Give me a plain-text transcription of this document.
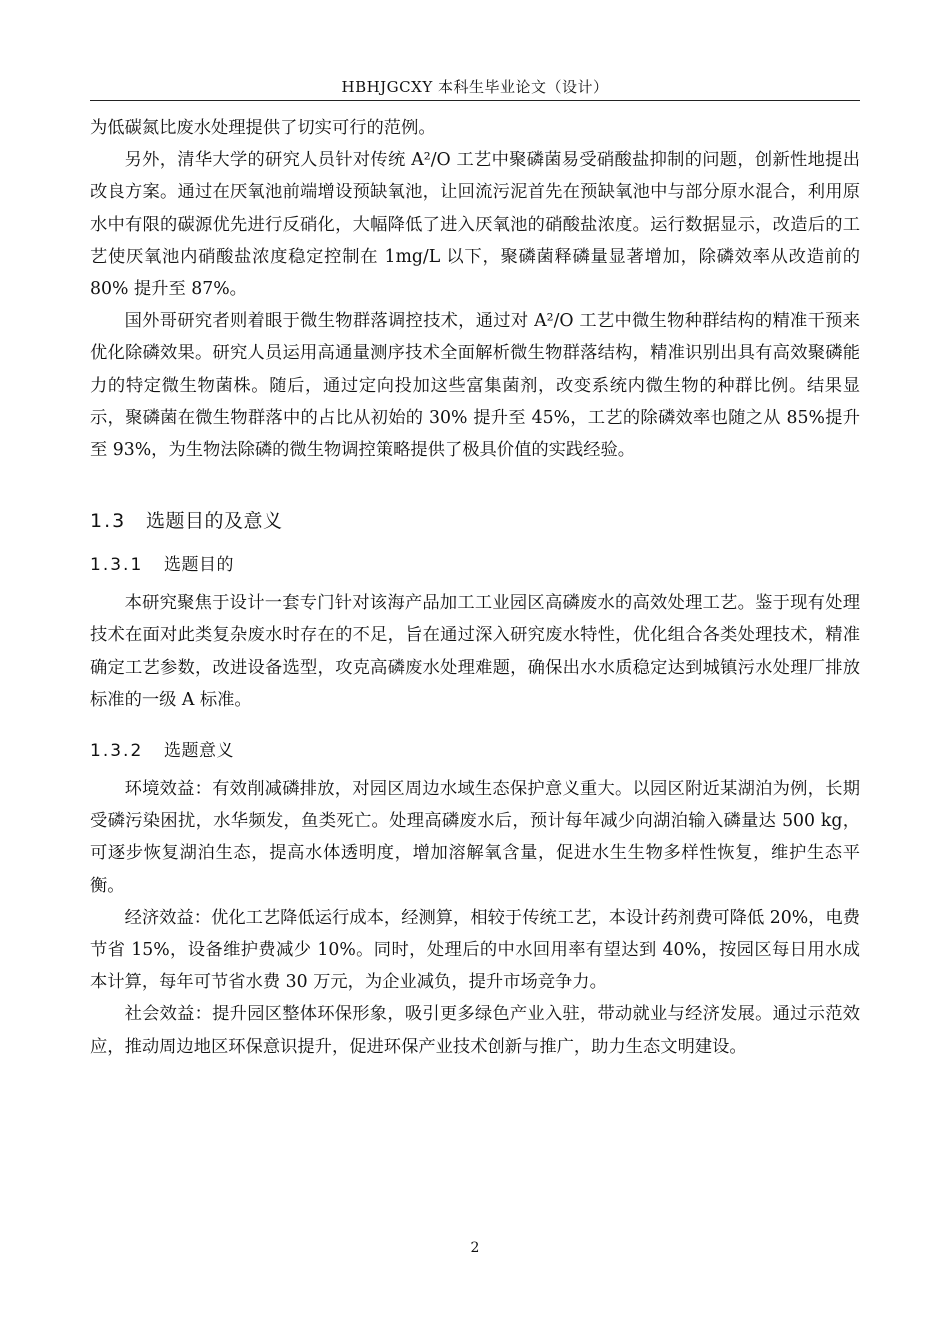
HBHJGCXY 本科生毕业论文（设计）

为低碳氮比废水处理提供了切实可行的范例。

另外，清华大学的研究人员针对传统 A²/O 工艺中聚磷菌易受硝酸盐抑制的问题，创新性地提出改良方案。通过在厌氧池前端增设预缺氧池，让回流污泥首先在预缺氧池中与部分原水混合，利用原水中有限的碳源优先进行反硝化，大幅降低了进入厌氧池的硝酸盐浓度。运行数据显示，改造后的工艺使厌氧池内硝酸盐浓度稳定控制在 1mg/L 以下，聚磷菌释磷量显著增加，除磷效率从改造前的 80% 提升至 87%。

国外哥研究者则着眼于微生物群落调控技术，通过对 A²/O 工艺中微生物种群结构的精准干预来优化除磷效果。研究人员运用高通量测序技术全面解析微生物群落结构，精准识别出具有高效聚磷能力的特定微生物菌株。随后，通过定向投加这些富集菌剂，改变系统内微生物的种群比例。结果显示，聚磷菌在微生物群落中的占比从初始的 30% 提升至 45%，工艺的除磷效率也随之从 85%提升至 93%，为生物法除磷的微生物调控策略提供了极具价值的实践经验。

1.3 选题目的及意义
1.3.1 选题目的

本研究聚焦于设计一套专门针对该海产品加工工业园区高磷废水的高效处理工艺。鉴于现有处理技术在面对此类复杂废水时存在的不足，旨在通过深入研究废水特性，优化组合各类处理技术，精准确定工艺参数，改进设备选型，攻克高磷废水处理难题，确保出水水质稳定达到城镇污水处理厂排放标准的一级 A 标准。

1.3.2 选题意义

环境效益：有效削减磷排放，对园区周边水域生态保护意义重大。以园区附近某湖泊为例，长期受磷污染困扰，水华频发，鱼类死亡。处理高磷废水后，预计每年减少向湖泊输入磷量达 500 kg，可逐步恢复湖泊生态，提高水体透明度，增加溶解氧含量，促进水生生物多样性恢复，维护生态平衡。

经济效益：优化工艺降低运行成本，经测算，相较于传统工艺，本设计药剂费可降低 20%，电费节省 15%，设备维护费减少 10%。同时，处理后的中水回用率有望达到 40%，按园区每日用水成本计算，每年可节省水费 30 万元，为企业减负，提升市场竞争力。

社会效益：提升园区整体环保形象，吸引更多绿色产业入驻，带动就业与经济发展。通过示范效应，推动周边地区环保意识提升，促进环保产业技术创新与推广，助力生态文明建设。

2
